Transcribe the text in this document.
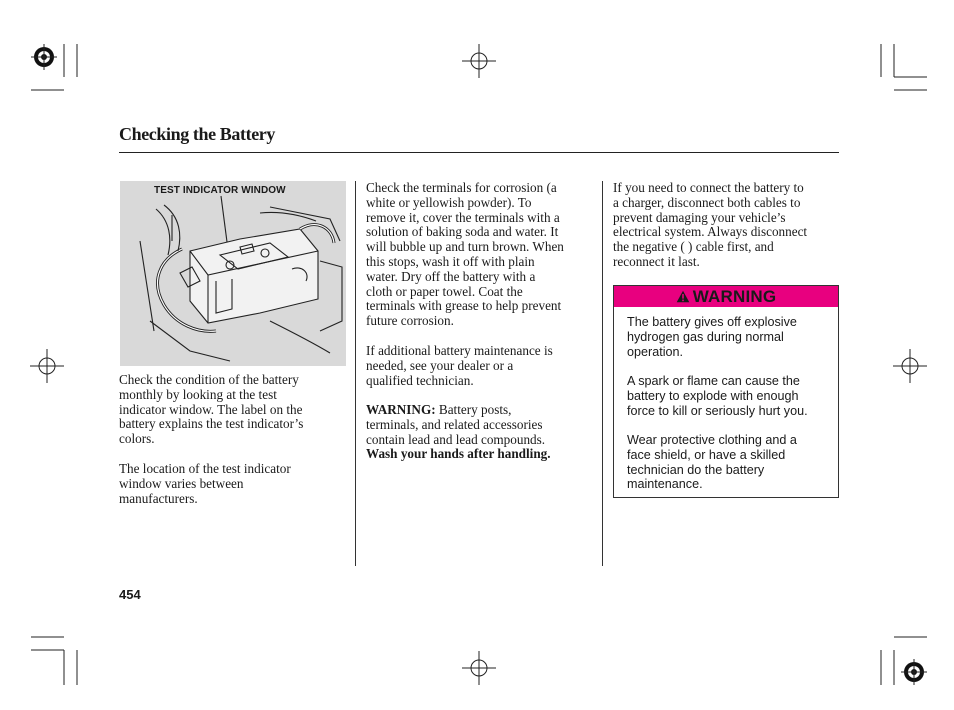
Checking the Battery
TEST INDICATOR WINDOW
Check the condition of the battery
monthly by looking at the test
indicator window. The label on the
battery explains the test indicator’s
colors.
The location of the test indicator
window varies between
manufacturers.
Check the terminals for corrosion (a
white or yellowish powder). To
remove it, cover the terminals with a
solution of baking soda and water. It
will bubble up and turn brown. When
this stops, wash it off with plain
water. Dry off the battery with a
cloth or paper towel. Coat the
terminals with grease to help prevent
future corrosion.
If additional battery maintenance is
needed, see your dealer or a
qualified technician.
WARNING: Battery posts,
terminals, and related accessories
contain lead and lead compounds.
Wash your hands after handling.
If you need to connect the battery to
a charger, disconnect both cables to
prevent damaging your vehicle’s
electrical system. Always disconnect
the negative ( ) cable first, and
reconnect it last.
WARNING
The battery gives off explosive
hydrogen gas during normal
operation.
A spark or flame can cause the
battery to explode with enough
force to kill or seriously hurt you.
Wear protective clothing and a
face shield, or have a skilled
technician do the battery
maintenance.
454
